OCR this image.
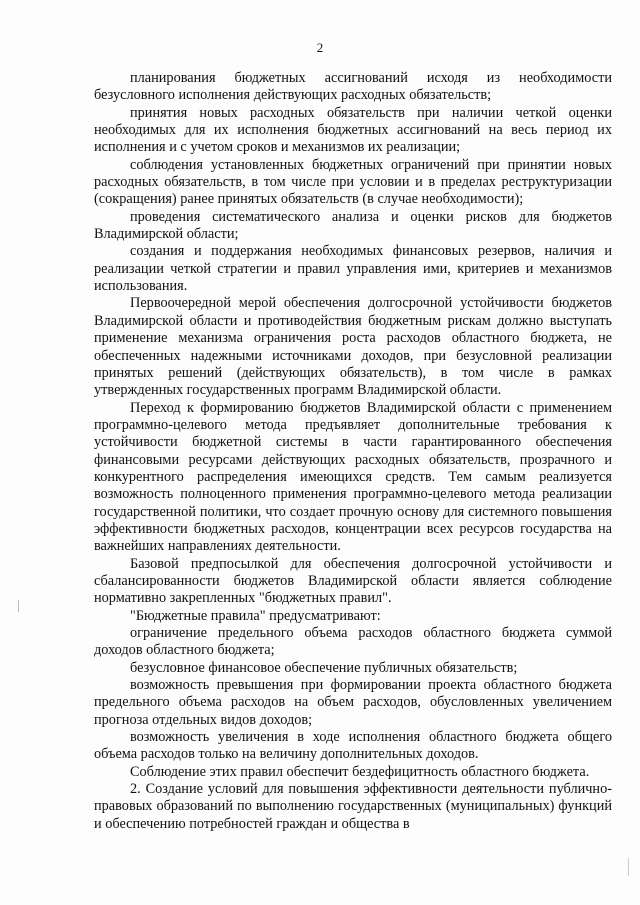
2

планирования бюджетных ассигнований исходя из необходимости безусловного исполнения действующих расходных обязательств;

принятия новых расходных обязательств при наличии четкой оценки необходимых для их исполнения бюджетных ассигнований на весь период их исполнения и с учетом сроков и механизмов их реализации;

соблюдения установленных бюджетных ограничений при принятии новых расходных обязательств, в том числе при условии и в пределах реструктуризации (сокращения) ранее принятых обязательств (в случае необходимости);

проведения систематического анализа и оценки рисков для бюджетов Владимирской области;

создания и поддержания необходимых финансовых резервов, наличия и реализации четкой стратегии и правил управления ими, критериев и механизмов использования.

Первоочередной мерой обеспечения долгосрочной устойчивости бюджетов Владимирской области и противодействия бюджетным рискам должно выступать применение механизма ограничения роста расходов областного бюджета, не обеспеченных надежными источниками доходов, при безусловной реализации принятых решений (действующих обязательств), в том числе в рамках утвержденных государственных программ Владимирской области.

Переход к формированию бюджетов Владимирской области с применением программно-целевого метода предъявляет дополнительные требования к устойчивости бюджетной системы в части гарантированного обеспечения финансовыми ресурсами действующих расходных обязательств, прозрачного и конкурентного распределения имеющихся средств. Тем самым реализуется возможность полноценного применения программно-целевого метода реализации государственной политики, что создает прочную основу для системного повышения эффективности бюджетных расходов, концентрации всех ресурсов государства на важнейших направлениях деятельности.

Базовой предпосылкой для обеспечения долгосрочной устойчивости и сбалансированности бюджетов Владимирской области является соблюдение нормативно закрепленных "бюджетных правил".

"Бюджетные правила" предусматривают:

ограничение предельного объема расходов областного бюджета суммой доходов областного бюджета;

безусловное финансовое обеспечение публичных обязательств;

возможность превышения при формировании проекта областного бюджета предельного объема расходов на объем расходов, обусловленных увеличением прогноза отдельных видов доходов;

возможность увеличения в ходе исполнения областного бюджета общего объема расходов только на величину дополнительных доходов.

Соблюдение этих правил обеспечит бездефицитность областного бюджета.

2. Создание условий для повышения эффективности деятельности публично-правовых образований по выполнению государственных (муниципальных) функций и обеспечению потребностей граждан и общества в
